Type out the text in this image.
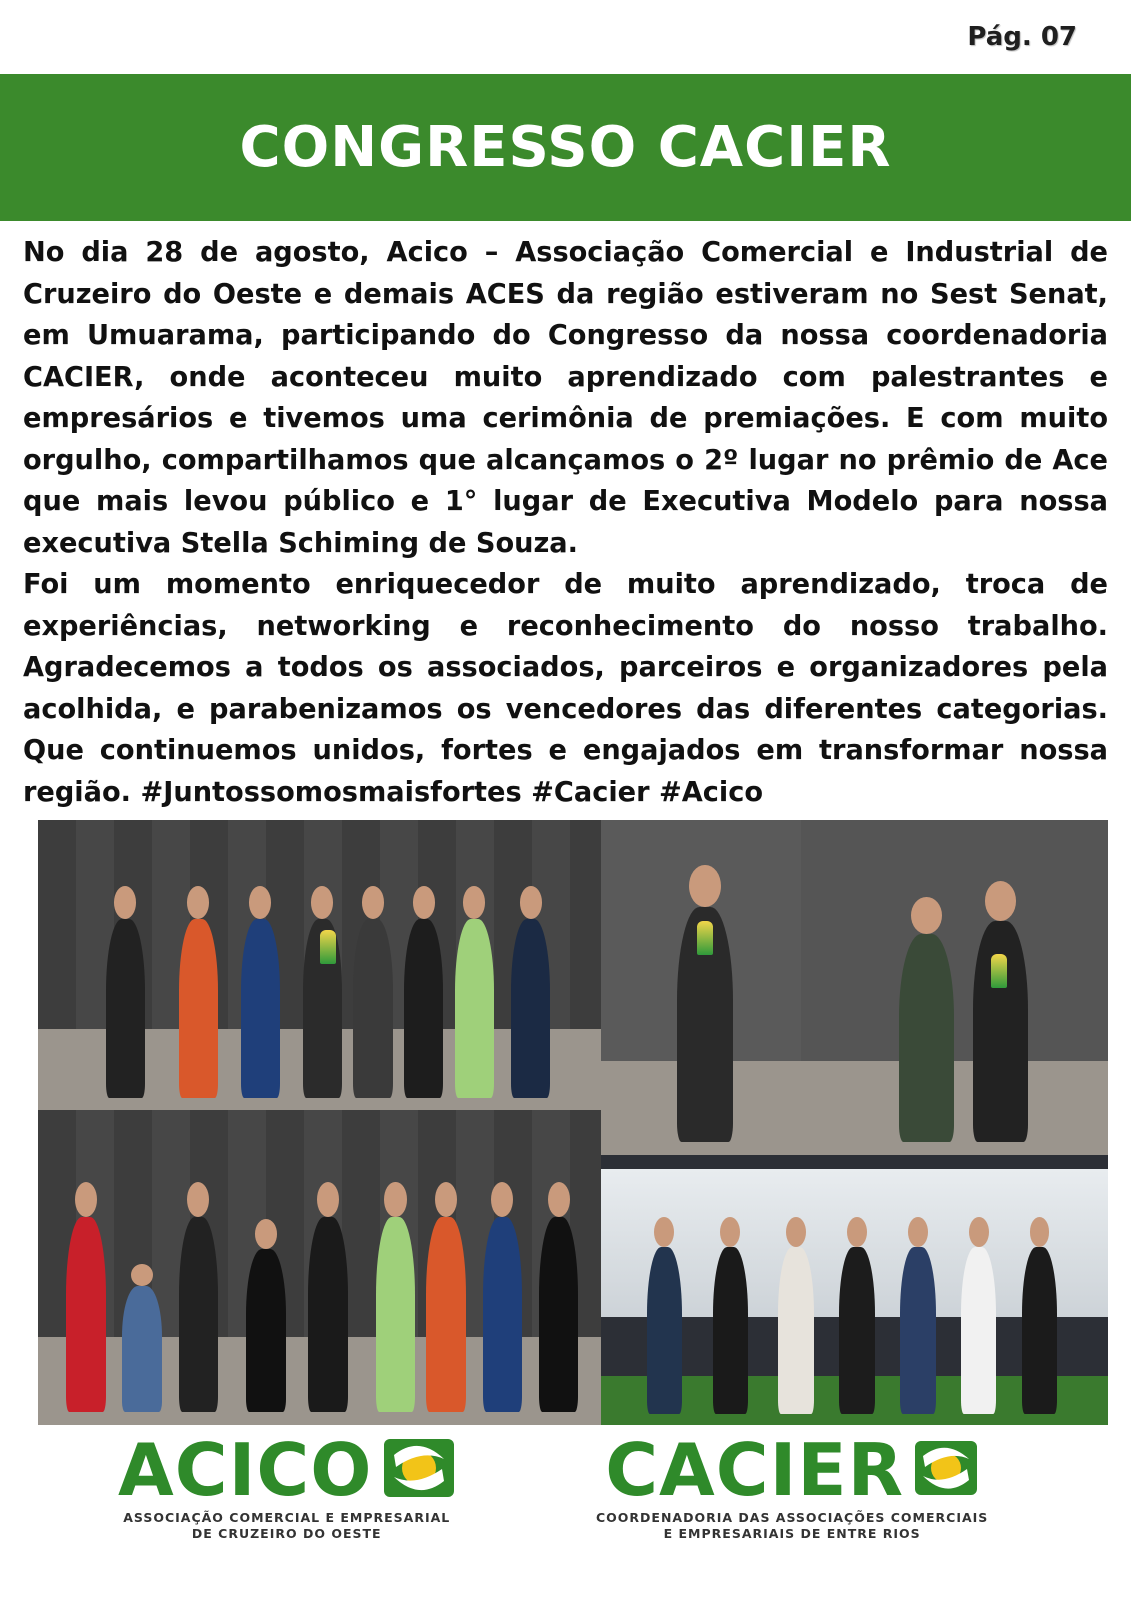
Pág. 07
CONGRESSO CACIER

No dia 28 de agosto, Acico – Associação Comercial e Industrial de Cruzeiro do Oeste e demais ACES da região estiveram no Sest Senat, em Umuarama, participando do Congresso da nossa coordenadoria CACIER, onde aconteceu muito aprendizado com palestrantes e empresários e tivemos uma cerimônia de premiações. E com muito orgulho, compartilhamos que alcançamos o 2º lugar no prêmio de Ace que mais levou público e 1° lugar de Executiva Modelo para nossa executiva Stella Schiming de Souza.

Foi um momento enriquecedor de muito aprendizado, troca de experiências, networking e reconhecimento do nosso trabalho. Agradecemos a todos os associados, parceiros e organizadores pela acolhida, e parabenizamos os vencedores das diferentes categorias. Que continuemos unidos, fortes e engajados em transformar nossa região. #Juntossomosmaisfortes #Cacier #Acico

ACICO
ASSOCIAÇÃO COMERCIAL E EMPRESARIAL
DE CRUZEIRO DO OESTE
CACIER
COORDENADORIA DAS ASSOCIAÇÕES COMERCIAIS
E EMPRESARIAIS DE ENTRE RIOS
